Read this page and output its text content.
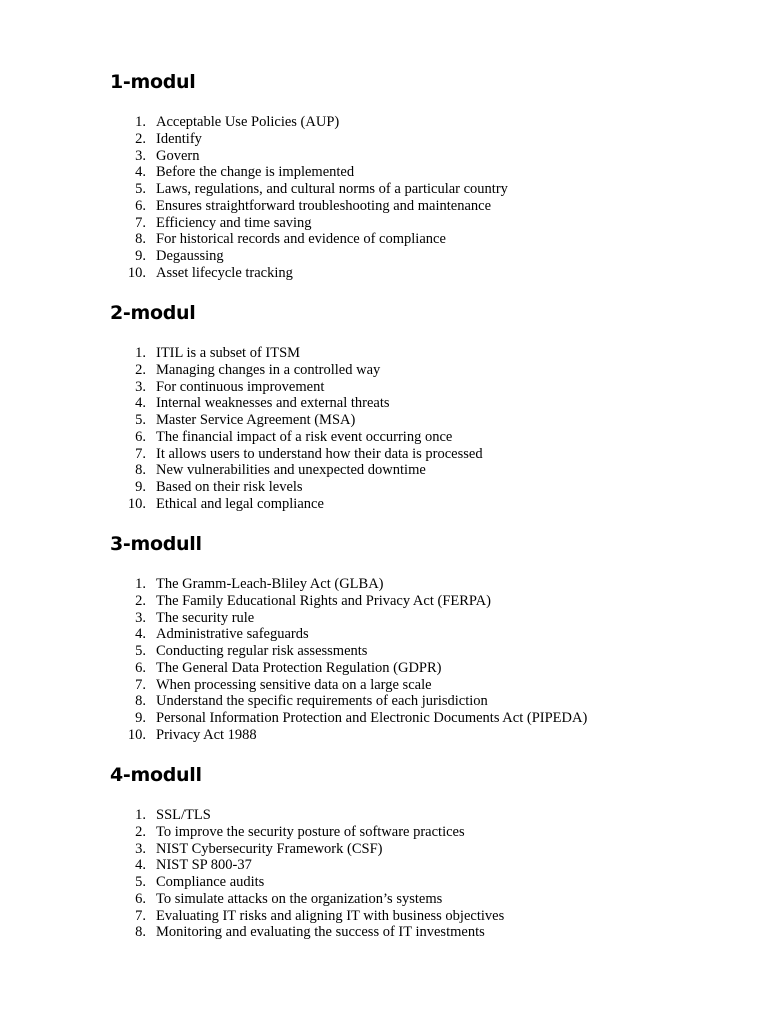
1-modul
1. Acceptable Use Policies (AUP)
2. Identify
3. Govern
4. Before the change is implemented
5. Laws, regulations, and cultural norms of a particular country
6. Ensures straightforward troubleshooting and maintenance
7. Efficiency and time saving
8. For historical records and evidence of compliance
9. Degaussing
10. Asset lifecycle tracking
2-modul
1. ITIL is a subset of ITSM
2. Managing changes in a controlled way
3. For continuous improvement
4. Internal weaknesses and external threats
5. Master Service Agreement (MSA)
6. The financial impact of a risk event occurring once
7. It allows users to understand how their data is processed
8. New vulnerabilities and unexpected downtime
9. Based on their risk levels
10. Ethical and legal compliance
3-modull
1. The Gramm-Leach-Bliley Act (GLBA)
2. The Family Educational Rights and Privacy Act (FERPA)
3. The security rule
4. Administrative safeguards
5. Conducting regular risk assessments
6. The General Data Protection Regulation (GDPR)
7. When processing sensitive data on a large scale
8. Understand the specific requirements of each jurisdiction
9. Personal Information Protection and Electronic Documents Act (PIPEDA)
10. Privacy Act 1988
4-modull
1. SSL/TLS
2. To improve the security posture of software practices
3. NIST Cybersecurity Framework (CSF)
4. NIST SP 800-37
5. Compliance audits
6. To simulate attacks on the organization’s systems
7. Evaluating IT risks and aligning IT with business objectives
8. Monitoring and evaluating the success of IT investments
